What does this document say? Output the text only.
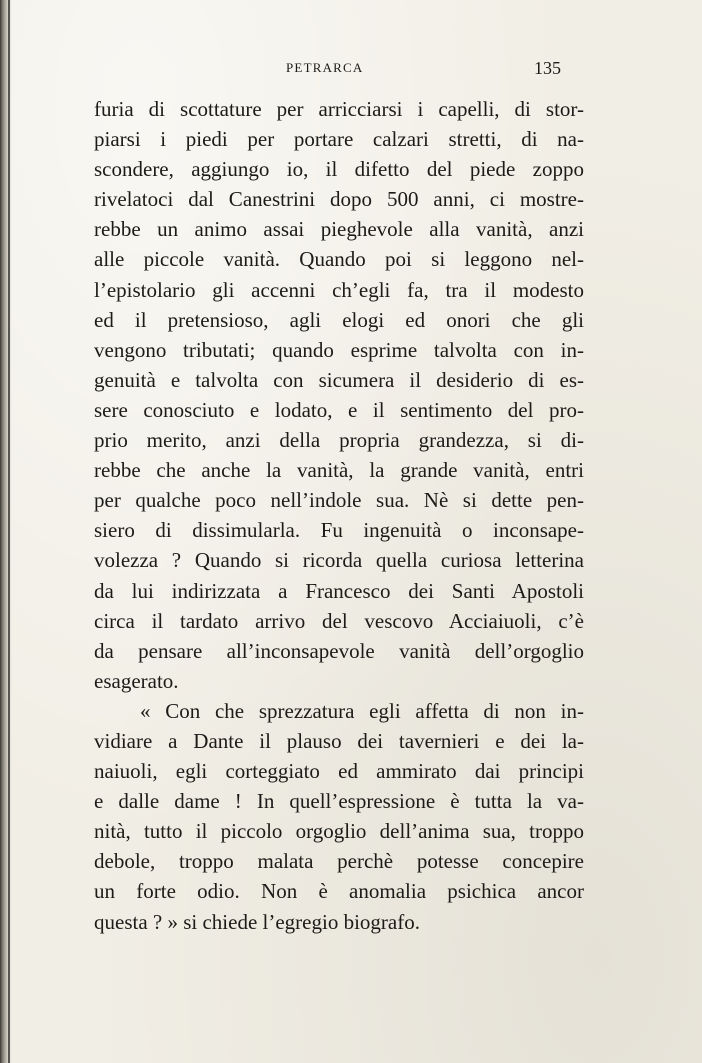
PETRARCA	135
furia di scottature per arricciarsi i capelli, di stor-
piarsi i piedi per portare calzari stretti, di na-
scondere, aggiungo io, il difetto del piede zoppo
rivelatoci dal Canestrini dopo 500 anni, ci mostre-
rebbe un animo assai pieghevole alla vanità, anzi
alle piccole vanità. Quando poi si leggono nel-
l’epistolario gli accenni ch’egli fa, tra il modesto
ed il pretensioso, agli elogi ed onori che gli
vengono tributati; quando esprime talvolta con in-
genuità e talvolta con sicumera il desiderio di es-
sere conosciuto e lodato, e il sentimento del pro-
prio merito, anzi della propria grandezza, si di-
rebbe che anche la vanità, la grande vanità, entri
per qualche poco nell’indole sua. Nè si dette pen-
siero di dissimularla. Fu ingenuità o inconsape-
volezza ? Quando si ricorda quella curiosa letterina
da lui indirizzata a Francesco dei Santi Apostoli
circa il tardato arrivo del vescovo Acciaiuoli, c’è
da pensare all’inconsapevole vanità dell’orgoglio
esagerato.
« Con che sprezzatura egli affetta di non in-
vidiare a Dante il plauso dei tavernieri e dei la-
naiuoli, egli corteggiato ed ammirato dai principi
e dalle dame ! In quell’espressione è tutta la va-
nità, tutto il piccolo orgoglio dell’anima sua, troppo
debole, troppo malata perchè potesse concepire
un forte odio. Non è anomalia psichica ancor
questa ? » si chiede l’egregio biografo.
